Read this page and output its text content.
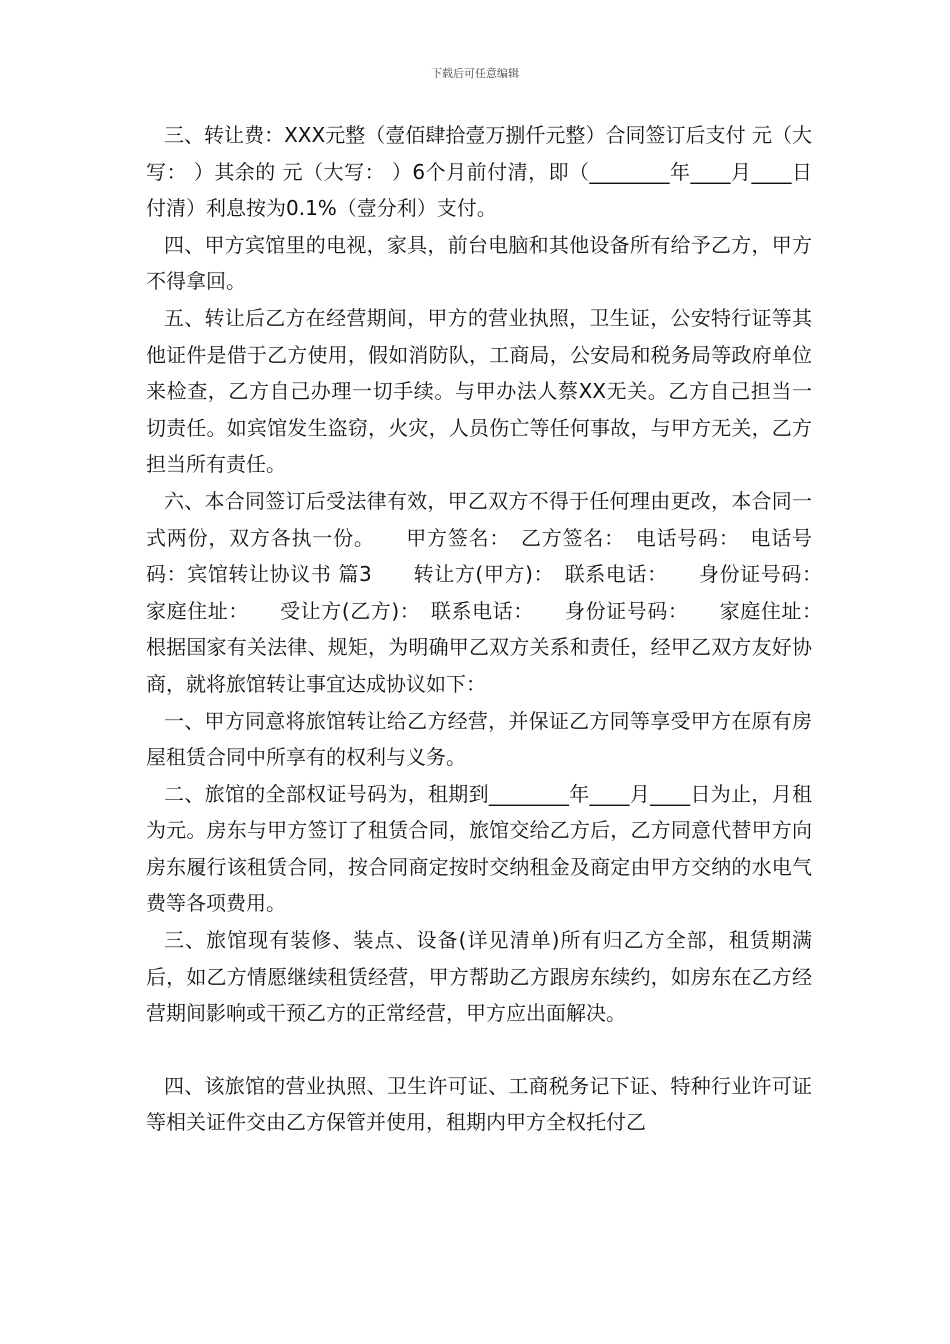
下载后可任意编辑

三、转让费：XXX元整（壹佰肆拾壹万捌仟元整）合同签订后支付 元（大写： ）其余的 元（大写： ）6个月前付清，即（________年____月____日付清）利息按为0.1%（壹分利）支付。

四、甲方宾馆里的电视，家具，前台电脑和其他设备所有给予乙方，甲方不得拿回。

五、转让后乙方在经营期间，甲方的营业执照，卫生证，公安特行证等其他证件是借于乙方使用，假如消防队，工商局，公安局和税务局等政府单位来检查，乙方自己办理一切手续。与甲办法人蔡XX无关。乙方自己担当一切责任。如宾馆发生盗窃，火灾，人员伤亡等任何事故，与甲方无关，乙方担当所有责任。

六、本合同签订后受法律有效，甲乙双方不得于任何理由更改，本合同一式两份，双方各执一份。　　甲方签名：　乙方签名：　电话号码：　电话号码：宾馆转让协议书 篇3　　转让方(甲方)：　联系电话：　　身份证号码：　　家庭住址：　　受让方(乙方)：　联系电话：　　身份证号码：　　家庭住址：　　根据国家有关法律、规矩，为明确甲乙双方关系和责任，经甲乙双方友好协商，就将旅馆转让事宜达成协议如下：

一、甲方同意将旅馆转让给乙方经营，并保证乙方同等享受甲方在原有房屋租赁合同中所享有的权利与义务。

二、旅馆的全部权证号码为，租期到________年____月____日为止，月租为元。房东与甲方签订了租赁合同，旅馆交给乙方后，乙方同意代替甲方向房东履行该租赁合同，按合同商定按时交纳租金及商定由甲方交纳的水电气费等各项费用。

三、旅馆现有装修、装点、设备(详见清单)所有归乙方全部，租赁期满后，如乙方情愿继续租赁经营，甲方帮助乙方跟房东续约，如房东在乙方经营期间影响或干预乙方的正常经营，甲方应出面解决。

四、该旅馆的营业执照、卫生许可证、工商税务记下证、特种行业许可证等相关证件交由乙方保管并使用，租期内甲方全权托付乙
